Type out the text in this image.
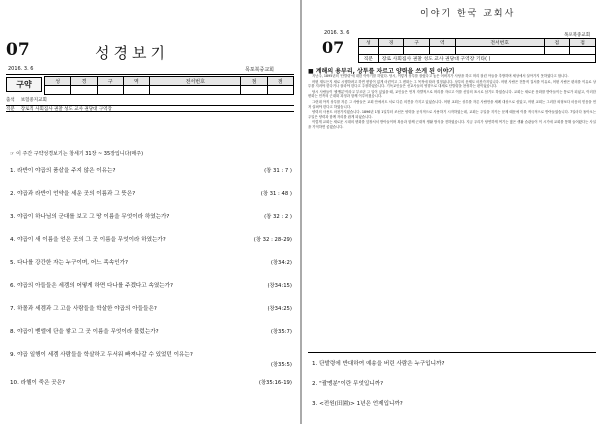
07	성경보기
2016. 3. 6	목포북중교회
구약	성	경	구	역	전서번호	점	점

출석 보험중지교회
직분 장로직 사회집사 권찰 성도 교사 권당대 구역장
☞ 이 주간 구약성경보기는 창세기 31장 ~ 35장입니다(매주)
1. 라반이 야곱의 품삯을 주지 않은 이유는?	(창 31 : 7 )
2. 야곱과 라반이 언약을 세운 곳의 이름과 그 뜻은?	(창 31 : 48 )
3. 야곱이 하나님의 군대를 보고 그 땅 이름을 무엇이라 하였는가?	(창 32 : 2 )
4. 야곱이 새 이름을 얻은 곳의 그 곳 이름을 무엇이라 하였는가?	(창 32 : 28-29)
5. 다나를 강간한 자는 누구이며, 어느 족속인가?	(창34:2)
6. 야곱의 아들들은 세겜의 어떻게 하면 다나를 주겠다고 속였는가?	(창34:15)
7. 하몰과 세겜과 그 고을 사람들을 학살한 야곱의 아들들은?	(창34:25)
8. 야곱이 벧엘에 단을 쌓고 그 곳 이름을 무엇이라 불렀는가?	(창35:7)
9. 야곱 일행이 세겜 사람들을 학살하고 두서워 빠져나갈 수 있었던 이유는?
(창35:5)
10. 라헬이 죽은 곳은?	(창35:16-19)
이야기 한국 교회사
2016. 3. 6
07
목포북중교회
성	경	구	역	전서번호	점	점

직분	장로 사회집사 권찰 성도 교사 권당대 구역장 기타( )					
■ 계해의 용부리, 상투를 자르고 양력을 쓰게 된 이야기

지난주, 1895년의 '단발령'에 대한 이야기를 하였다. 당시, 이렇게 상투를 잘랐다고 놓은 어버지가 사당을 하고 머리 잘린 아들을 추방하며 세상에서 살아가지 못하였다고 합니다.

어떤 재도든지 새로 시행하려고 하면 변함이 없게 마련이고 그 변화는 그 목적에 따라 결정됩니다. 상투의 문제도 마찬가지입니다. 어떤 사람은 전통적 질서를 이유로, 어떤 사람은 편의를 이유로 상투를 지켜야 한다거나 잘라야 한다고 주장하였습니다. 기독교인들은 선교사들의 영향으로 대체로 단발령을 찬성하는 편이었습니다.

당시 사람들이 '괄맹분'이라고 부르던 그 일이 있었을 때, 교인들은 먼저 자발적으로 머리를 자르고 이를 신앙의 표시로 삼기도 하였습니다. 교회는 새로운 문화를 받아들이는 통로가 되었고, 이러한 변화는 민족의 근대화 과정과 함께 이루어졌습니다.

그런데 아직 상투를 자른 그 사람들은 교회 안에서도 서로 다른 의견을 가지고 있었습니다. 어떤 교회는 상투를 자른 사람만을 세례 대상으로 삼았고, 어떤 교회는 그러한 외형보다 마음의 믿음을 먼저 살펴야 한다고 하였습니다.

양력의 사용도 마찬가지였습니다. 1896년 1월 1일부터 조선은 양력을 공식적으로 사용하기 시작하였는데, 교회는 주일을 지키는 문제 때문에 이를 적극적으로 받아들였습니다. 7일마다 돌아오는 주일은 양력과 함께 자리를 잡게 되었습니다.

이렇게 교회는 새로운 시대의 변화를 앞장서서 받아들이며 복음과 함께 근대적 생활 방식을 전하였습니다. 지금 우리가 당연하게 여기는 많은 생활 습관들이 이 시기에 교회를 통해 들어왔다는 사실을 기억하면 좋겠습니다.

1. 단발령에 반대하여 예송을 버린 사람은 누구입니까?
2. "괄맹분"이란 무엇입니까?
3. <전원(田園)> 1년은 언제입니까?
